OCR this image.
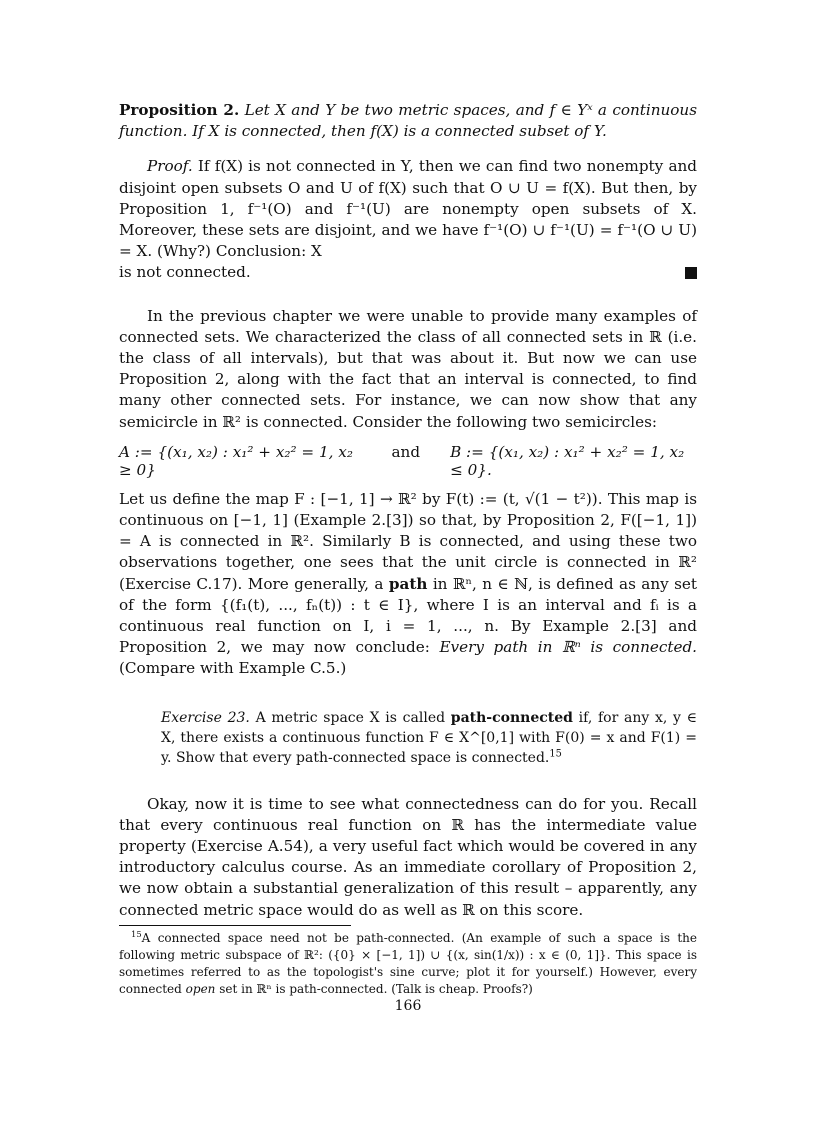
Proposition 2. Let X and Y be two metric spaces, and f ∈ Yˣ a continuous function. If X is connected, then f(X) is a connected subset of Y.

Proof. If f(X) is not connected in Y, then we can find two nonempty and disjoint open subsets O and U of f(X) such that O ∪ U = f(X). But then, by Proposition 1, f⁻¹(O) and f⁻¹(U) are nonempty open subsets of X. Moreover, these sets are disjoint, and we have f⁻¹(O) ∪ f⁻¹(U) = f⁻¹(O ∪ U) = X. (Why?) Conclusion: X

is not connected.

In the previous chapter we were unable to provide many examples of connected sets. We characterized the class of all connected sets in ℝ (i.e. the class of all intervals), but that was about it. But now we can use Proposition 2, along with the fact that an interval is connected, to find many other connected sets. For instance, we can now show that any semicircle in ℝ² is connected. Consider the following two semicircles:

A := {(x₁, x₂) : x₁² + x₂² = 1, x₂ ≥ 0}
and B := {(x₁, x₂) : x₁² + x₂² = 1, x₂ ≤ 0}.

Let us define the map F : [−1, 1] → ℝ² by F(t) := (t, √(1 − t²)). This map is continuous on [−1, 1] (Example 2.[3]) so that, by Proposition 2, F([−1, 1]) = A is connected in ℝ². Similarly B is connected, and using these two observations together, one sees that the unit circle is connected in ℝ² (Exercise C.17). More generally, a path in ℝⁿ, n ∈ ℕ, is defined as any set of the form {(f₁(t), ..., fₙ(t)) : t ∈ I}, where I is an interval and fᵢ is a continuous real function on I, i = 1, ..., n. By Example 2.[3] and Proposition 2, we may now conclude: Every path in ℝⁿ is connected. (Compare with Example C.5.)

Exercise 23. A metric space X is called path-connected if, for any x, y ∈ X, there exists a continuous function F ∈ X^[0,1] with F(0) = x and F(1) = y. Show that every path-connected space is connected.$^{15}$

Okay, now it is time to see what connectedness can do for you. Recall that every continuous real function on ℝ has the intermediate value property (Exercise A.54), a very useful fact which would be covered in any introductory calculus course. As an immediate corollary of Proposition 2, we now obtain a substantial generalization of this result – apparently, any connected metric space would do as well as ℝ on this score.

$^{15}$A connected space need not be path-connected. (An example of such a space is the following metric subspace of ℝ²: ({0} × [−1, 1]) ∪ {(x, sin(1/x)) : x ∈ (0, 1]}. This space is sometimes referred to as the topologist's sine curve; plot it for yourself.) However, every connected open set in ℝⁿ is path-connected. (Talk is cheap. Proofs?)

166
